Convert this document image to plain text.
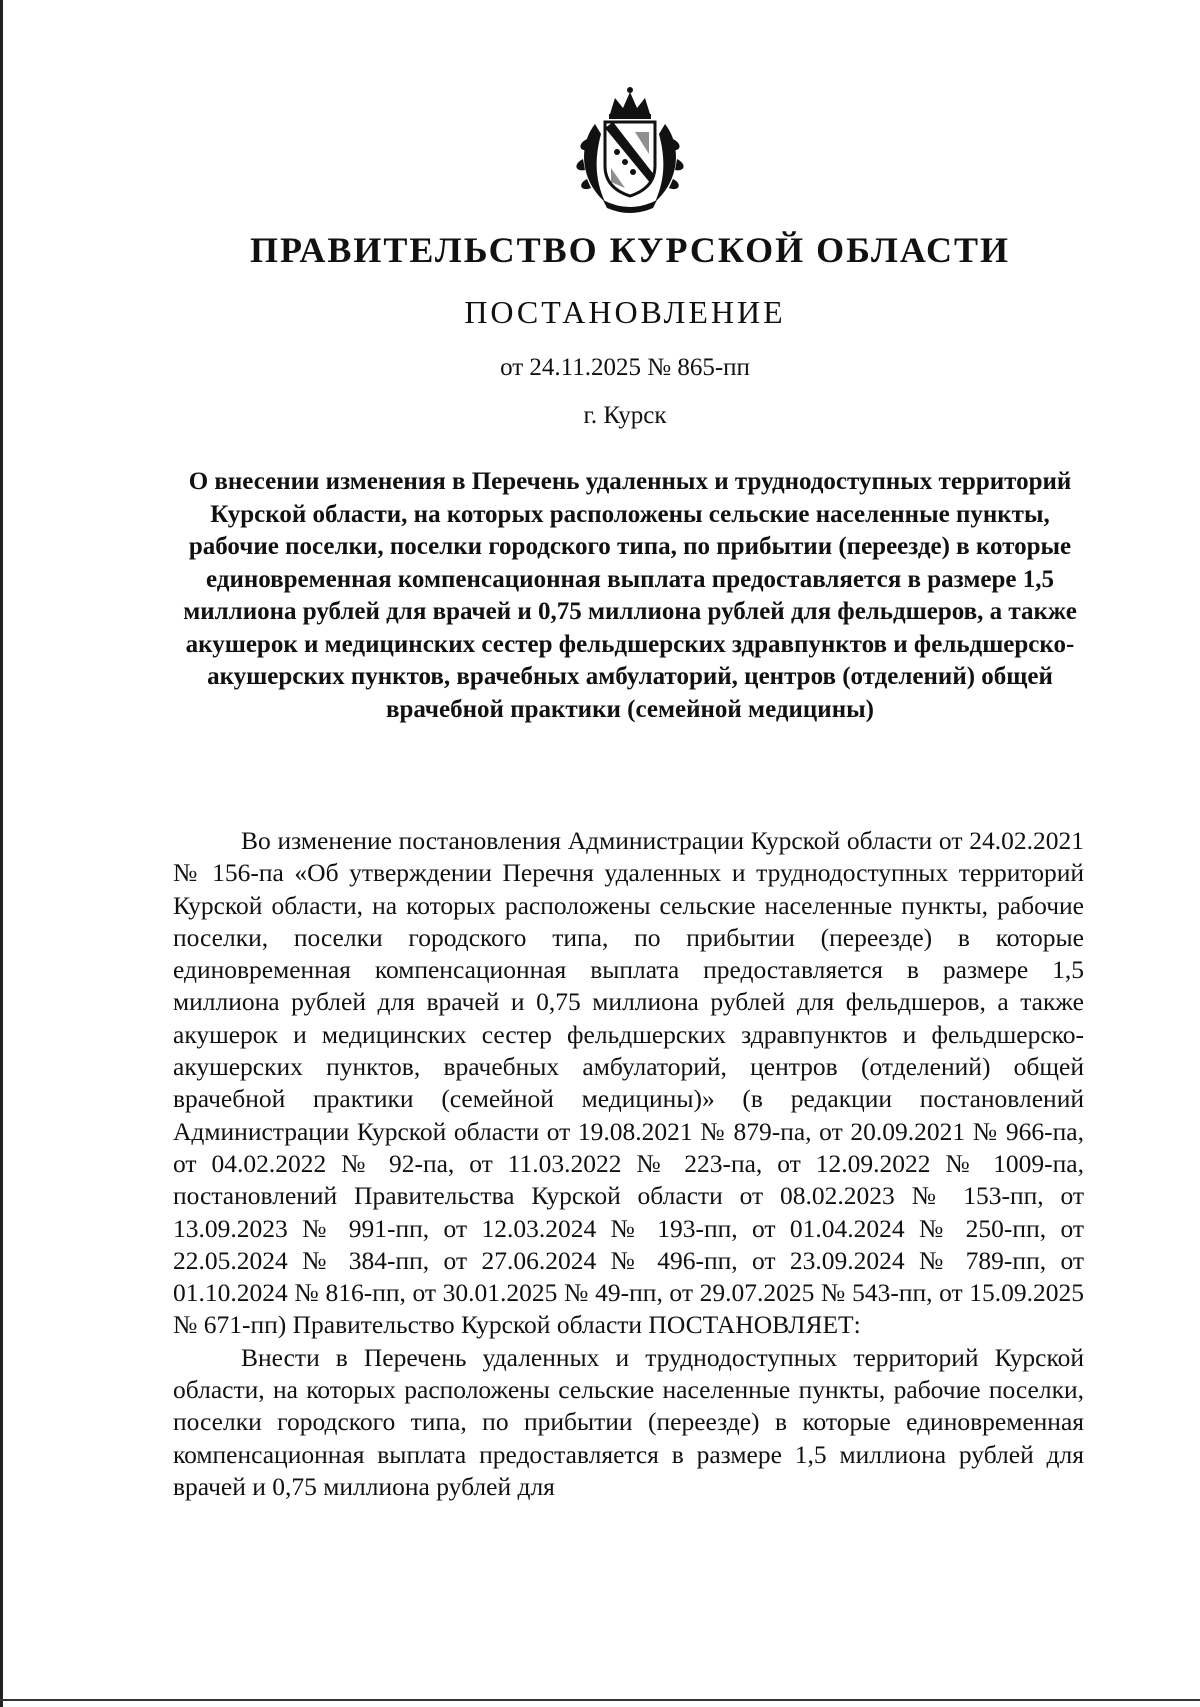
ПРАВИТЕЛЬСТВО КУРСКОЙ ОБЛАСТИ
ПОСТАНОВЛЕНИЕ
от 24.11.2025 № 865-пп
г. Курск
О внесении изменения в Перечень удаленных и труднодоступных территорий Курской области, на которых расположены сельские населенные пункты, рабочие поселки, поселки городского типа, по прибытии (переезде) в которые единовременная компенсационная выплата предоставляется в размере 1,5 миллиона рублей для врачей и 0,75 миллиона рублей для фельдшеров, а также акушерок и медицинских сестер фельдшерских здравпунктов и фельдшерско-акушерских пунктов, врачебных амбулаторий, центров (отделений) общей врачебной практики (семейной медицины)

Во изменение постановления Администрации Курской области от 24.02.2021 № 156-па «Об утверждении Перечня удаленных и труднодоступных территорий Курской области, на которых расположены сельские населенные пункты, рабочие поселки, поселки городского типа, по прибытии (переезде) в которые единовременная компенсационная выплата предоставляется в размере 1,5 миллиона рублей для врачей и 0,75 миллиона рублей для фельдшеров, а также акушерок и медицинских сестер фельдшерских здравпунктов и фельдшерско-акушерских пунктов, врачебных амбулаторий, центров (отделений) общей врачебной практики (семейной медицины)» (в редакции постановлений Администрации Курской области от 19.08.2021 № 879-па, от 20.09.2021 № 966-па, от 04.02.2022 № 92-па, от 11.03.2022 № 223-па, от 12.09.2022 № 1009-па, постановлений Правительства Курской области от 08.02.2023 № 153-пп, от 13.09.2023 № 991-пп, от 12.03.2024 № 193-пп, от 01.04.2024 № 250-пп, от 22.05.2024 № 384-пп, от 27.06.2024 № 496-пп, от 23.09.2024 № 789-пп, от 01.10.2024 № 816-пп, от 30.01.2025 № 49-пп, от 29.07.2025 № 543-пп, от 15.09.2025 № 671-пп) Правительство Курской области ПОСТАНОВЛЯЕТ:

Внести в Перечень удаленных и труднодоступных территорий Курской области, на которых расположены сельские населенные пункты, рабочие поселки, поселки городского типа, по прибытии (переезде) в которые единовременная компенсационная выплата предоставляется в размере 1,5 миллиона рублей для врачей и 0,75 миллиона рублей для
